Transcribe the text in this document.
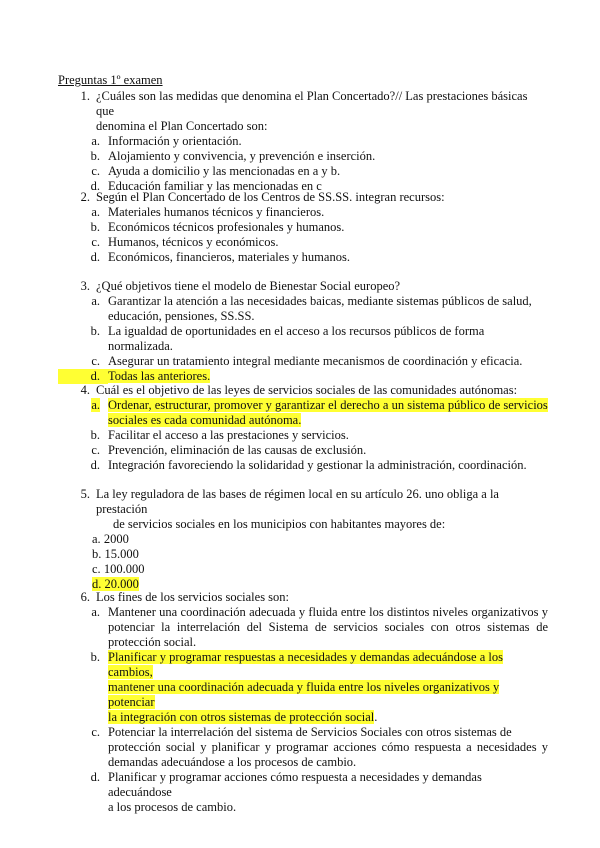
Preguntas 1º examen
1. ¿Cuáles son las medidas que denomina el Plan Concertado?// Las prestaciones básicas que
denomina el Plan Concertado son:
a. Información y orientación.
b. Alojamiento y convivencia, y prevención e inserción.
c. Ayuda a domicilio y las mencionadas en a y b.
d. Educación familiar y las mencionadas en c
2. Según el Plan Concertado de los Centros de SS.SS. integran recursos:
a. Materiales humanos técnicos y financieros.
b. Económicos técnicos profesionales y humanos.
c. Humanos, técnicos y económicos.
d. Económicos, financieros, materiales y humanos.
3. ¿Qué objetivos tiene el modelo de Bienestar Social europeo?
a. Garantizar la atención a las necesidades baicas, mediante sistemas públicos de salud,
educación, pensiones, SS.SS.
b. La igualdad de oportunidades en el acceso a los recursos públicos de forma normalizada.
c. Asegurar un tratamiento integral mediante mecanismos de coordinación y eficacia.
d. Todas las anteriores.
4. Cuál es el objetivo de las leyes de servicios sociales de las comunidades autónomas:
a. Ordenar, estructurar, promover y garantizar el derecho a un sistema público de servicios
sociales es cada comunidad autónoma.
b. Facilitar el acceso a las prestaciones y servicios.
c. Prevención, eliminación de las causas de exclusión.
d. Integración favoreciendo la solidaridad y gestionar la administración, coordinación.
5. La ley reguladora de las bases de régimen local en su artículo 26. uno obliga a la prestación
de servicios sociales en los municipios con habitantes mayores de:
a. 2000
b. 15.000
c. 100.000
d. 20.000
6. Los fines de los servicios sociales son:
a. Mantener una coordinación adecuada y fluida entre los distintos niveles organizativos y
potenciar la interrelación del Sistema de servicios sociales con otros sistemas de
protección social.
b. Planificar y programar respuestas a necesidades y demandas adecuándose a los cambios,
mantener una coordinación adecuada y fluida entre los niveles organizativos y potenciar
la integración con otros sistemas de protección social.
c. Potenciar la interrelación del sistema de Servicios Sociales con otros sistemas de
protección social y planificar y programar acciones cómo respuesta a necesidades y
demandas adecuándose a los procesos de cambio.
d. Planificar y programar acciones cómo respuesta a necesidades y demandas adecuándose
a los procesos de cambio.
